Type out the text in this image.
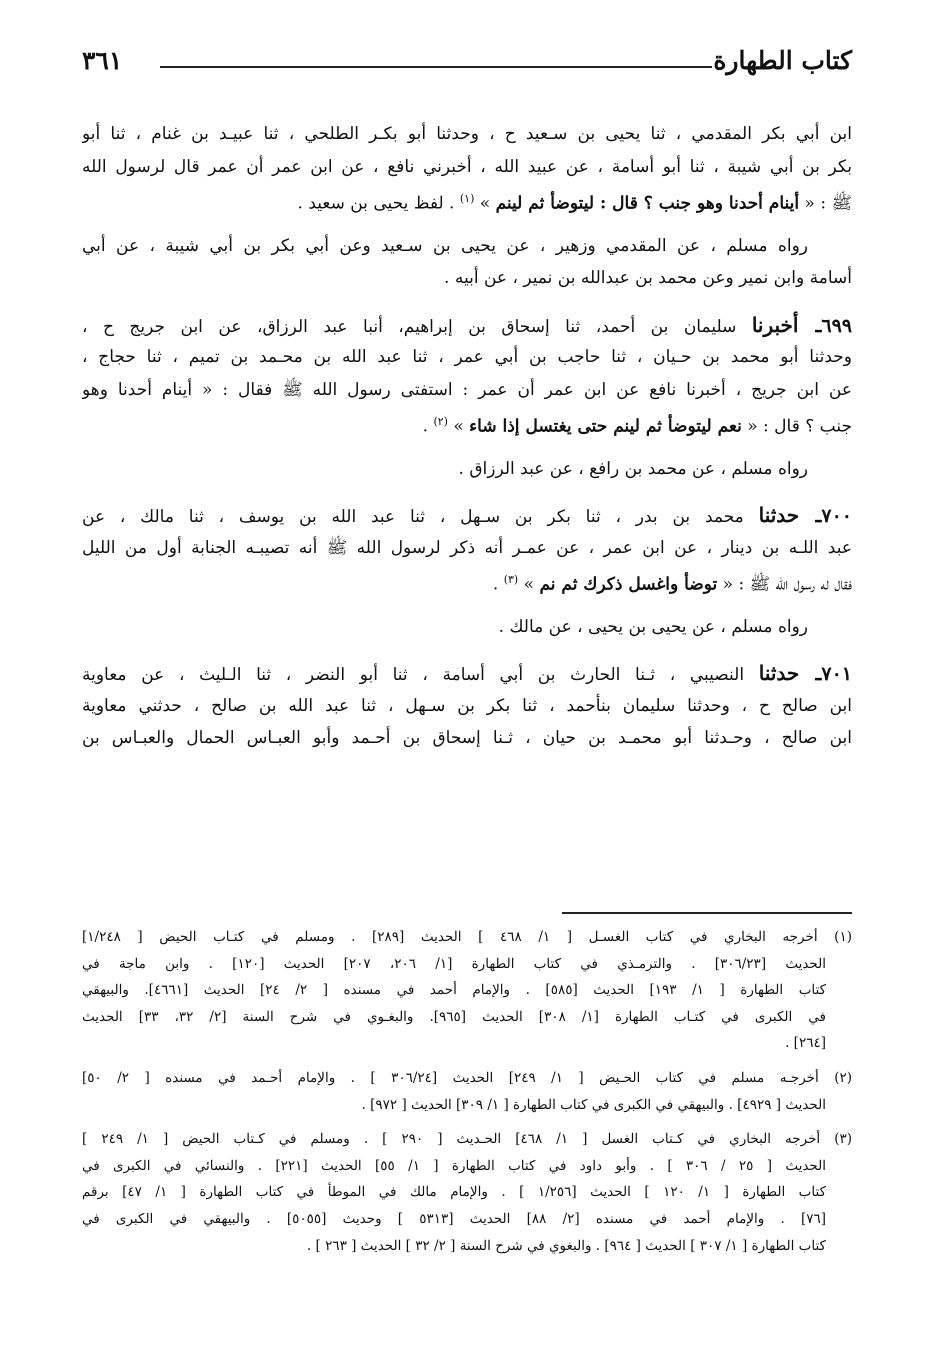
كتاب الطهارة
٣٦١
ابن أبي بكر المقدمي ، ثنا يحيى بن سـعيد ح ، وحدثنا أبو بكـر الطلحي ، ثنا عبيـد بن غنام ، ثنا أبو
بكر بن أبي شيبة ، ثنا أبو أسامة ، عن عبيد الله ، أخبرني نافع ، عن ابن عمر أن عمر قال لرسول الله
ﷺ : « أينام أحدنا وهو جنب ؟ قال : ليتوضأ ثم لينم » $^{(١)}$ . لفظ يحيى بن سعيد .
رواه مسلم ، عن المقدمي وزهير ، عن يحيى بن سـعيد وعن أبي بكر بن أبي شيبة ، عن أبي
أسامة وابن نمير وعن محمد بن عبدالله بن نمير ، عن أبيه .
٦٩٩ـ أخبرنا سليمان بن أحمد، ثنا إسحاق بن إبراهيم، أنبا عبد الرزاق، عن ابن جريج ح ،
وحدثنا أبو محمد بن حـيان ، ثنا حاجب بن أبي عمر ، ثنا عبد الله بن محـمد بن تميم ، ثنا حجاج ،
عن ابن جريج ، أخبرنا نافع عن ابن عمر أن عمر : استفتى رسول الله ﷺ فقال : « أينام أحدنا وهو
جنب ؟ قال : « نعم ليتوضأ ثم لينم حتى يغتسل إذا شاء » $^{(٢)}$ .
رواه مسلم ، عن محمد بن رافع ، عن عبد الرزاق .
٧٠٠ـ حدثنا محمد بن بدر ، ثنا بكر بن سـهل ، ثنا عبد الله بن يوسف ، ثنا مالك ، عن
عبد اللـه بن دينار ، عن ابن عمر ، عن عمـر أنه ذكر لرسول الله ﷺ أنه تصيبـه الجنابة أول من الليل
فقال له رسول الله ﷺ : « توضأ واغسل ذكرك ثم نم » $^{(٣)}$ .
رواه مسلم ، عن يحيى بن يحيى ، عن مالك .
٧٠١ـ حدثنا النصيبي ، ثـنا الحارث بن أبي أسامة ، ثنا أبو النضر ، ثنا الـليث ، عن معاوية
ابن صالح ح ، وحدثنا سليمان بنأحمد ، ثنا بكر بن سـهل ، ثنا عبد الله بن صالح ، حدثني معاوية
ابن صالح ، وحـدثنا أبو محمـد بن حيان ، ثـنا إسحاق بن أحـمد وأبو العبـاس الحمال والعبـاس بن
(١) أخرجه البخاري في كتاب الغسـل [ ١/ ٤٦٨ ] الحديث [٢٨٩] . ومسلم في كتـاب الحيض [ ١/٢٤٨]
الحديث [٣٠٦/٢٣] . والترمـذي في كتاب الطهارة [١/ ٢٠٦، ٢٠٧] الحديث [١٢٠] . وابن ماجة في
كتاب الطهارة [ ١/ ١٩٣] الحديث [٥٨٥] . والإمام أحمد في مسنده [ ٢/ ٢٤] الحديث [٤٦٦١]. والبيهقي
في الكبرى في كتـاب الطهارة [١/ ٣٠٨] الحديث [٩٦٥]. والبغـوي في شرح السنة [٢/ ٣٢، ٣٣] الحديث
[٢٦٤] .
(٢) أخرجـه مسلم في كتاب الحـيض [ ١/ ٢٤٩] الحديث [٣٠٦/٢٤ ] . والإمام أحـمد في مسنده [ ٢/ ٥٠]
الحديث [ ٤٩٢٩] . والبيهقي في الكبرى في كتاب الطهارة [ ١/ ٣٠٩] الحديث [ ٩٧٢] .
(٣) أخرجه البخاري في كـتاب الغسل [ ١/ ٤٦٨] الحـديث [ ٢٩٠ ] . ومسلم في كـتاب الحيض [ ١/ ٢٤٩ ]
الحديث [ ٢٥ / ٣٠٦ ] . وأبو داود في كتاب الطهارة [ ١/ ٥٥] الحديث [٢٢١] . والنسائي في الكبرى في
كتاب الطهارة [ ١/ ١٢٠ ] الحديث [١/٢٥٦ ] . والإمام مالك في الموطأ في كتاب الطهارة [ ١/ ٤٧] برقم
[٧٦] . والإمام أحمد في مسنده [٢/ ٨٨] الحديث [٥٣١٣ ] وحديث [٥٠٥٥] . والبيهقي في الكبرى في
كتاب الطهارة [ ١/ ٣٠٧ ] الحديث [ ٩٦٤] . والبغوي في شرح السنة [ ٢/ ٣٢ ] الحديث [ ٢٦٣ ] .
